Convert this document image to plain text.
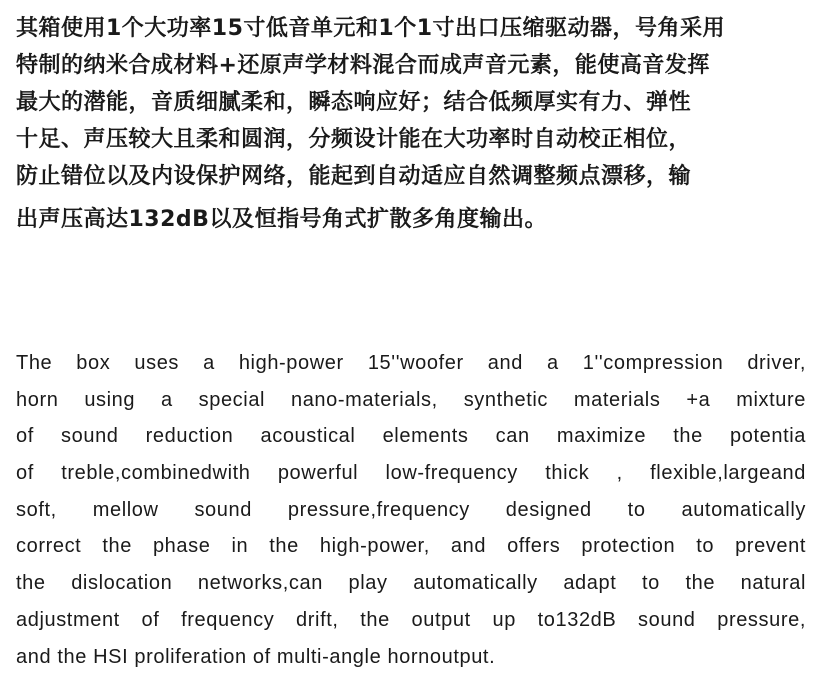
其箱使用1个大功率15寸低音单元和1个1寸出口压缩驱动器，号角采用
特制的纳米合成材料+还原声学材料混合而成声音元素，能使高音发挥
最大的潜能，音质细腻柔和，瞬态响应好；结合低频厚实有力、弹性
十足、声压较大且柔和圆润，分频设计能在大功率时自动校正相位，
防止错位以及内设保护网络，能起到自动适应自然调整频点漂移，输
出声压高达132dB以及恒指号角式扩散多角度输出。
The box uses a high-power 15''woofer and a 1''compression driver,
horn using a special nano-materials, synthetic materials +a mixture
of sound reduction acoustical elements can maximize the potentia
of treble,combinedwith powerful low-frequency thick , flexible,largeand
soft, mellow sound pressure,frequency designed to automatically
correct the phase in the high-power, and offers protection to prevent
the dislocation networks,can play automatically adapt to the natural
adjustment of frequency drift, the output up to132dB sound pressure,
and the HSI proliferation of multi-angle hornoutput.
